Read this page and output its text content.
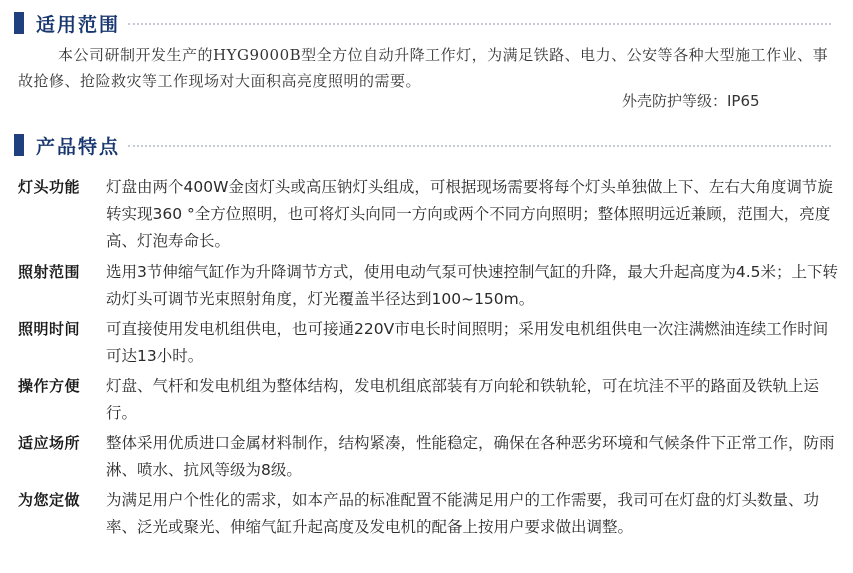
适用范围
本公司研制开发生产的HYG9000B型全方位自动升降工作灯，为满足铁路、电力、公安等各种大型施工作业、事故抢修、抢险救灾等工作现场对大面积高亮度照明的需要。
外壳防护等级：IP65
产品特点
灯头功能	灯盘由两个400W金卤灯头或高压钠灯头组成，可根据现场需要将每个灯头单独做上下、左右大角度调节旋转实现360 °全方位照明，也可将灯头向同一方向或两个不同方向照明；整体照明远近兼顾，范围大，亮度高、灯泡寿命长。
照射范围	选用3节伸缩气缸作为升降调节方式，使用电动气泵可快速控制气缸的升降，最大升起高度为4.5米；上下转动灯头可调节光束照射角度，灯光覆盖半径达到100~150m。
照明时间	可直接使用发电机组供电，也可接通220V市电长时间照明；采用发电机组供电一次注满燃油连续工作时间可达13小时。
操作方便	灯盘、气杆和发电机组为整体结构，发电机组底部装有万向轮和铁轨轮，可在坑洼不平的路面及铁轨上运行。
适应场所	整体采用优质进口金属材料制作，结构紧凑，性能稳定，确保在各种恶劣环境和气候条件下正常工作，防雨淋、喷水、抗风等级为8级。
为您定做	为满足用户个性化的需求，如本产品的标准配置不能满足用户的工作需要，我司可在灯盘的灯头数量、功率、泛光或聚光、伸缩气缸升起高度及发电机的配备上按用户要求做出调整。
